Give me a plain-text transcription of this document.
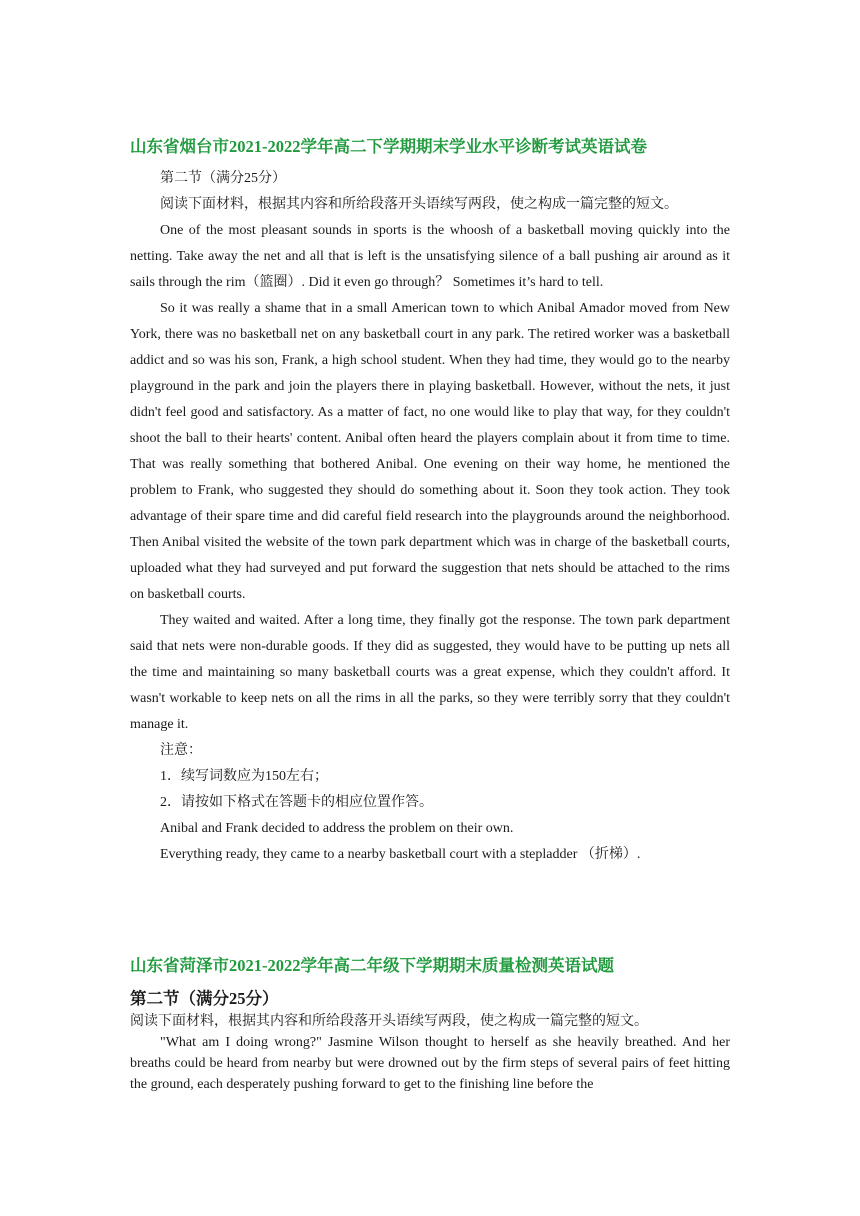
山东省烟台市2021-2022学年高二下学期期末学业水平诊断考试英语试卷

第二节（满分25分）

阅读下面材料，根据其内容和所给段落开头语续写两段，使之构成一篇完整的短文。

One of the most pleasant sounds in sports is the whoosh of a basketball moving quickly into the netting. Take away the net and all that is left is the unsatisfying silence of a ball pushing air around as it sails through the rim（篮圈）. Did it even go through？ Sometimes it’s hard to tell.

So it was really a shame that in a small American town to which Anibal Amador moved from New York, there was no basketball net on any basketball court in any park. The retired worker was a basketball addict and so was his son, Frank, a high school student. When they had time, they would go to the nearby playground in the park and join the players there in playing basketball. However, without the nets, it just didn't feel good and satisfactory. As a matter of fact, no one would like to play that way, for they couldn't shoot the ball to their hearts' content. Anibal often heard the players complain about it from time to time. That was really something that bothered Anibal. One evening on their way home, he mentioned the problem to Frank, who suggested they should do something about it. Soon they took action. They took advantage of their spare time and did careful field research into the playgrounds around the neighborhood. Then Anibal visited the website of the town park department which was in charge of the basketball courts, uploaded what they had surveyed and put forward the suggestion that nets should be attached to the rims on basketball courts.

They waited and waited. After a long time, they finally got the response. The town park department said that nets were non-durable goods. If they did as suggested, they would have to be putting up nets all the time and maintaining so many basketball courts was a great expense, which they couldn't afford. It wasn't workable to keep nets on all the rims in all the parks, so they were terribly sorry that they couldn't manage it.

注意：

1．续写词数应为150左右；

2．请按如下格式在答题卡的相应位置作答。

Anibal and Frank decided to address the problem on their own.

Everything ready, they came to a nearby basketball court with a stepladder （折梯）.

山东省菏泽市2021-2022学年高二年级下学期期末质量检测英语试题

第二节（满分25分）

阅读下面材料，根据其内容和所给段落开头语续写两段，使之构成一篇完整的短文。

"What am I doing wrong?" Jasmine Wilson thought to herself as she heavily breathed. And her breaths could be heard from nearby but were drowned out by the firm steps of several pairs of feet hitting the ground, each desperately pushing forward to get to the finishing line before the
